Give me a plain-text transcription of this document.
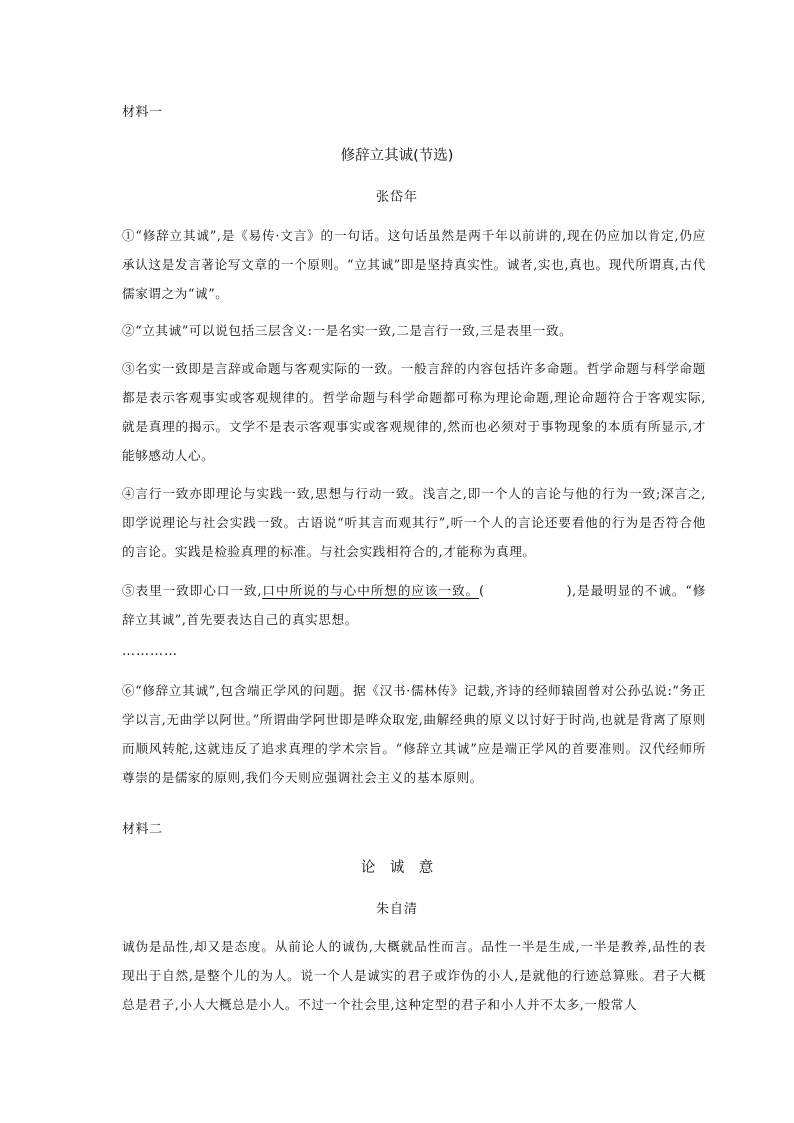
材料一
修辞立其诚(节选)
张岱年

①“修辞立其诚”,是《易传·文言》的一句话。这句话虽然是两千年以前讲的,现在仍应加以肯定,仍应承认这是发言著论写文章的一个原则。“立其诚”即是坚持真实性。诚者,实也,真也。现代所谓真,古代儒家谓之为“诚”。

②“立其诚”可以说包括三层含义:一是名实一致,二是言行一致,三是表里一致。

③名实一致即是言辞或命题与客观实际的一致。一般言辞的内容包括许多命题。哲学命题与科学命题都是表示客观事实或客观规律的。哲学命题与科学命题都可称为理论命题,理论命题符合于客观实际,就是真理的揭示。文学不是表示客观事实或客观规律的,然而也必须对于事物现象的本质有所显示,才能够感动人心。

④言行一致亦即理论与实践一致,思想与行动一致。浅言之,即一个人的言论与他的行为一致;深言之,即学说理论与社会实践一致。古语说“听其言而观其行”,听一个人的言论还要看他的行为是否符合他的言论。实践是检验真理的标准。与社会实践相符合的,才能称为真理。

⑤表里一致即心口一致,口中所说的与心中所想的应该一致。(	),是最明显的不诚。“修辞立其诚”,首先要表达自己的真实思想。

…………

⑥“修辞立其诚”,包含端正学风的问题。据《汉书·儒林传》记载,齐诗的经师辕固曾对公孙弘说:“务正学以言,无曲学以阿世。”所谓曲学阿世即是哗众取宠,曲解经典的原义以讨好于时尚,也就是背离了原则而顺风转舵,这就违反了追求真理的学术宗旨。“修辞立其诚”应是端正学风的首要准则。汉代经师所尊崇的是儒家的原则,我们今天则应强调社会主义的基本原则。

材料二
论　诚　意
朱自清

诚伪是品性,却又是态度。从前论人的诚伪,大概就品性而言。品性一半是生成,一半是教养,品性的表现出于自然,是整个儿的为人。说一个人是诚实的君子或诈伪的小人,是就他的行迹总算账。君子大概总是君子,小人大概总是小人。不过一个社会里,这种定型的君子和小人并不太多,一般常人
